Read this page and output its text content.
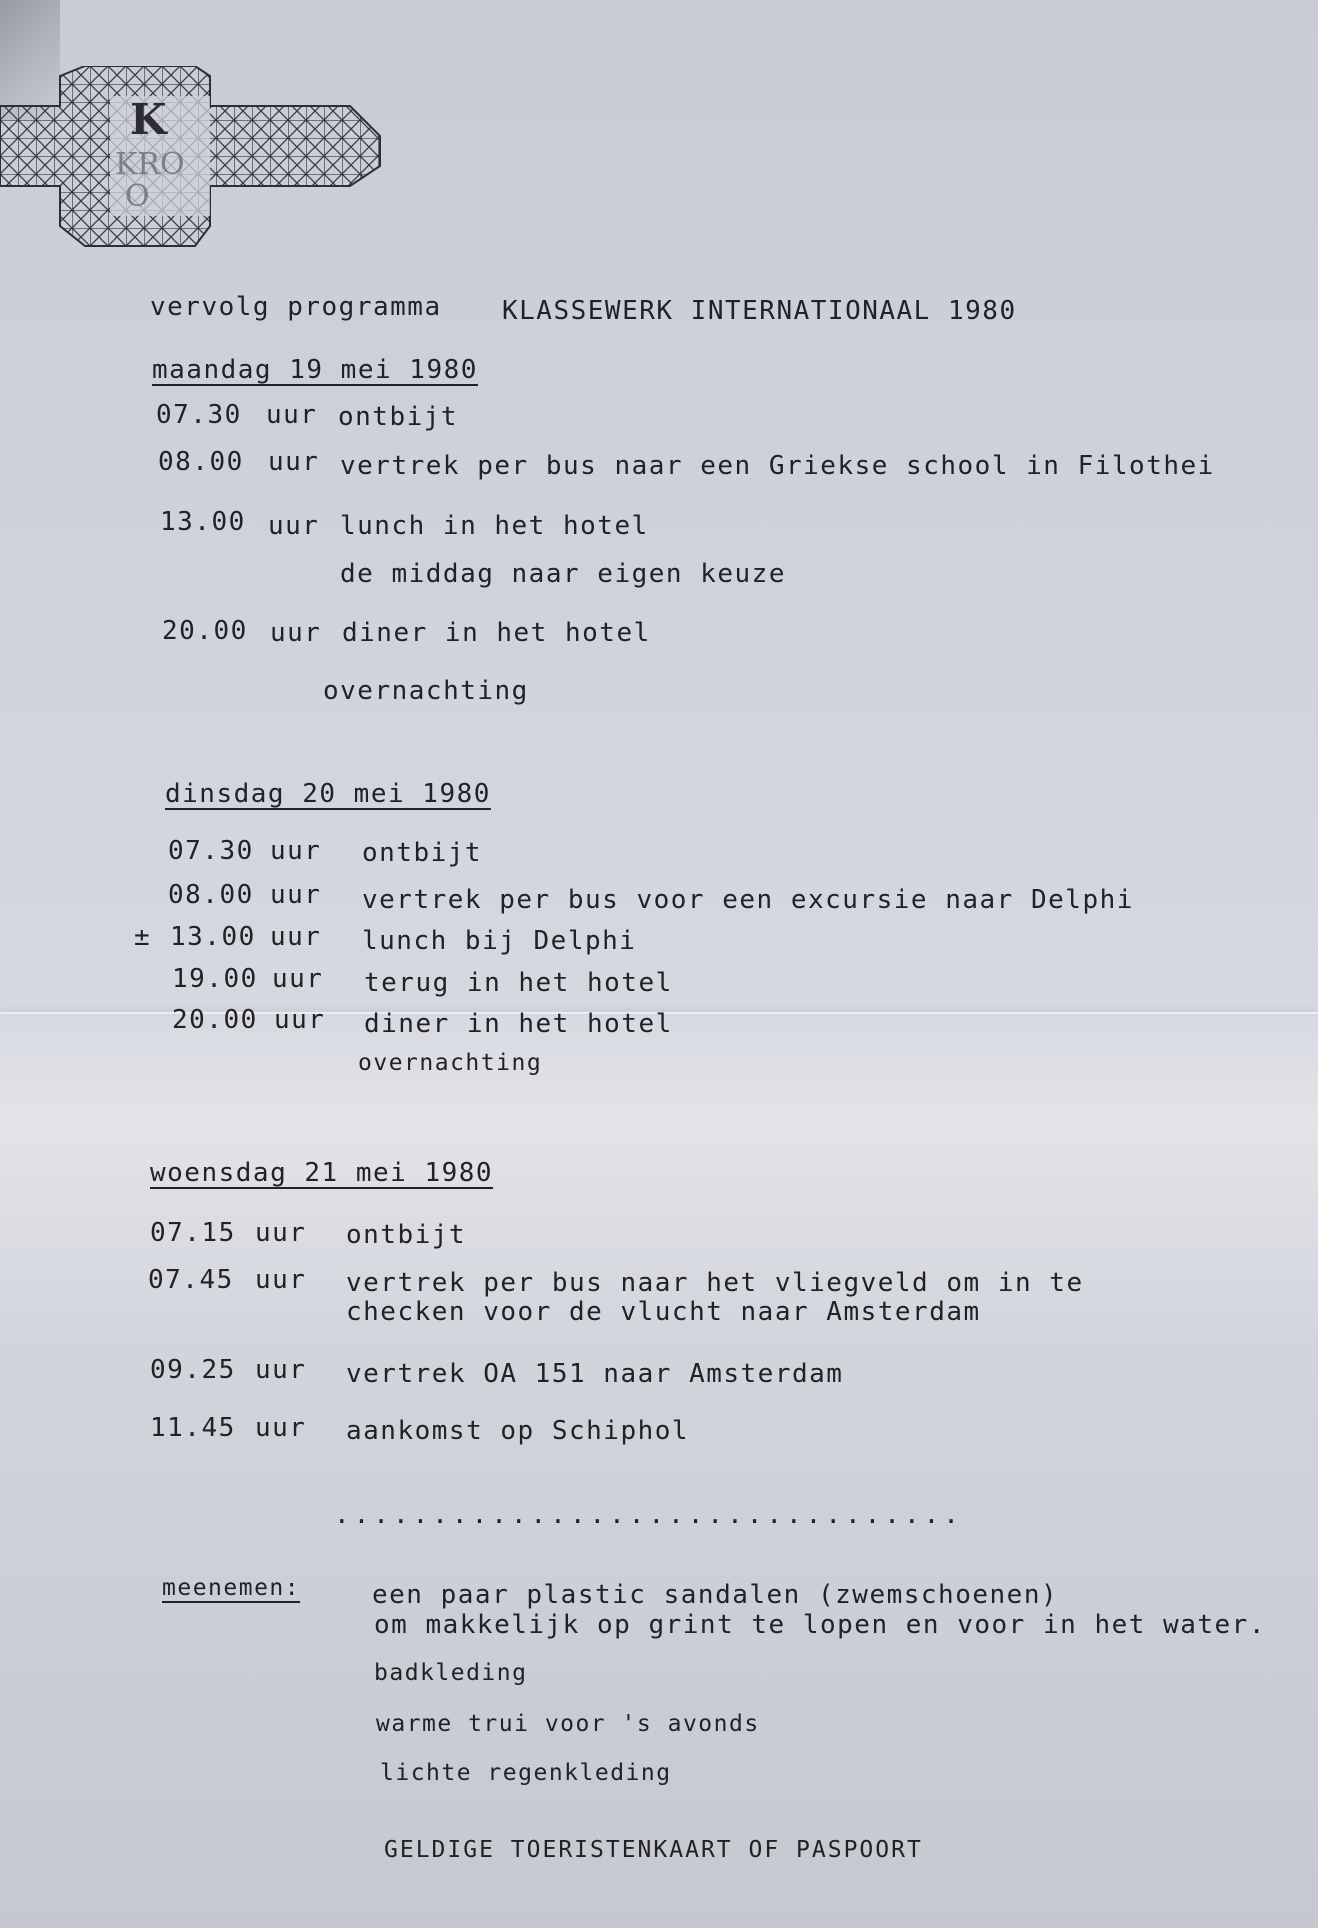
K
KRO
O
vervolg programma KLASSEWERK INTERNATIONAAL 1980
maandag 19 mei 1980
07.30 uur ontbijt
08.00 uur vertrek per bus naar een Griekse school in Filothei
13.00 uur lunch in het hotel
de middag naar eigen keuze
20.00 uur diner in het hotel
overnachting
dinsdag 20 mei 1980
07.30 uur ontbijt
08.00 uur vertrek per bus voor een excursie naar Delphi
± 13.00 uur lunch bij Delphi
19.00 uur terug in het hotel
20.00 uur diner in het hotel
overnachting
woensdag 21 mei 1980
07.15 uur ontbijt
07.45 uur vertrek per bus naar het vliegveld om in te
checken voor de vlucht naar Amsterdam
09.25 uur vertrek OA 151 naar Amsterdam
11.45 uur aankomst op Schiphol
................................
meenemen:	een paar plastic sandalen (zwemschoenen)
om makkelijk op grint te lopen en voor in het water.
badkleding
warme trui voor 's avonds
lichte regenkleding
GELDIGE TOERISTENKAART OF PASPOORT
